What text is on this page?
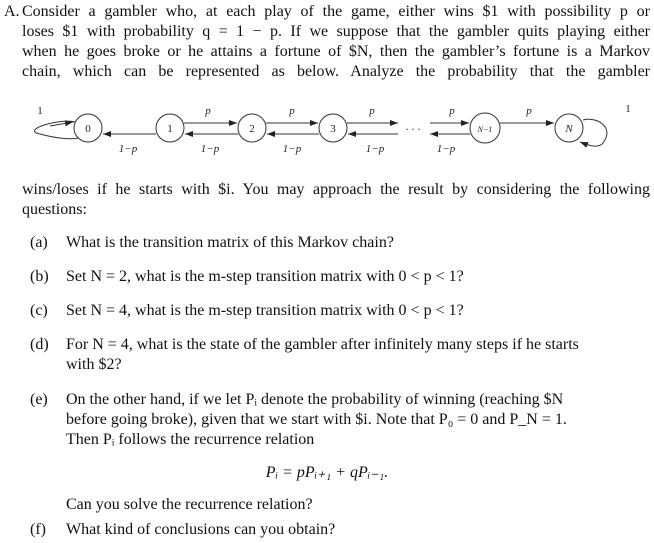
A. Consider a gambler who, at each play of the game, either wins $1 with possibility p or
loses $1 with probability q = 1 − p. If we suppose that the gambler quits playing either
when he goes broke or he attains a fortune of $N, then the gambler’s fortune is a Markov
chain, which can be represented as below. Analyze the probability that the gambler
0	1	2	3	N−1	N
1	1
p	p	p	p	p
1−p	1−p	1−p	1−p	1−p
. . .
wins/loses if he starts with $i. You may approach the result by considering the following
questions:
(a) What is the transition matrix of this Markov chain?
(b) Set N = 2, what is the m-step transition matrix with 0 < p < 1?
(c) Set N = 4, what is the m-step transition matrix with 0 < p < 1?
(d) For N = 4, what is the state of the gambler after infinitely many steps if he starts
with $2?
(e) On the other hand, if we let Pᵢ denote the probability of winning (reaching $N
before going broke), given that we start with $i. Note that P₀ = 0 and P_N = 1.
Then Pᵢ follows the recurrence relation
Pᵢ = pPᵢ₊₁ + qPᵢ₋₁.
Can you solve the recurrence relation?
(f) What kind of conclusions can you obtain?
